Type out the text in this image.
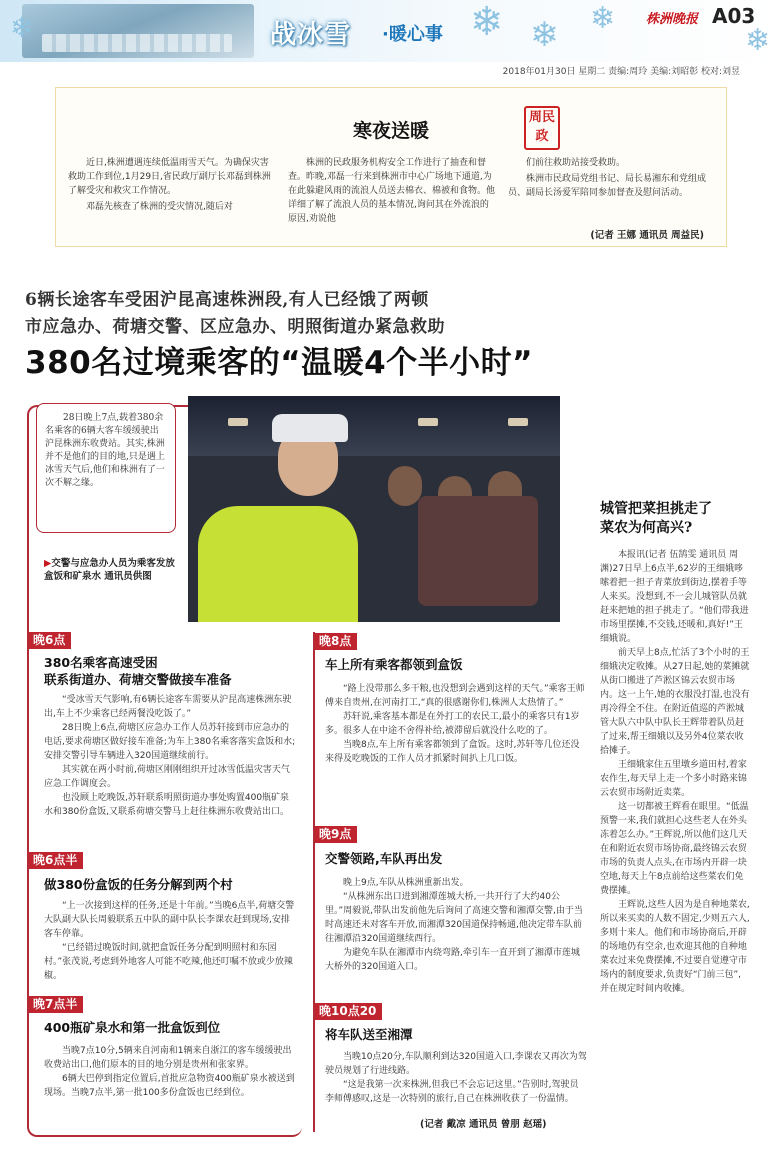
❄	❄ ❄ ❄
❄
战冰雪 ·暖心事
株洲晚报 A03
2018年01月30日 星期二 责编:周玲 美编:刘昭彰 校对:刘昱
寒夜送暖
周民政

近日,株洲遭遇连续低温雨雪天气。为确保灾害救助工作到位,1月29日,省民政厅副厅长邓磊到株洲了解受灾和救灾工作情况。

邓磊先核查了株洲的受灾情况,随后对

株洲的民政服务机构安全工作进行了抽查和督查。昨晚,邓磊一行来到株洲市中心广场地下通道,为在此躲避风雨的流浪人员送去棉衣、棉被和食物。他详细了解了流浪人员的基本情况,询问其在外流浪的原因,劝说他

们前往救助站接受救助。

株洲市民政局党组书记、局长易湘东和党组成员、副局长汤爱军陪同参加督查及慰问活动。

(记者 王娜 通讯员 周益民)
6辆长途客车受困沪昆高速株洲段,有人已经饿了两顿
市应急办、荷塘交警、区应急办、明照街道办紧急救助
380名过境乘客的“温暖4个半小时”
28日晚上7点,载着380余名乘客的6辆大客车缓缓驶出沪昆株洲东收费站。其实,株洲并不是他们的目的地,只是遇上冰雪天气后,他们和株洲有了一次不解之缘。
▶交警与应急办人员为乘客发放盒饭和矿泉水 通讯员供图
晚6点
380名乘客高速受困
联系街道办、荷塘交警做接车准备

“受冰雪天气影响,有6辆长途客车需要从沪昆高速株洲东驶出,车上不少乘客已经两餐没吃饭了。”

28日晚上6点,荷塘区应急办工作人员苏轩接到市应急办的电话,要求荷塘区做好接车准备;为车上380名乘客落实盒饭和水;安排交警引导车辆进入320国道继续前行。

其实就在两小时前,荷塘区刚刚组织开过冰雪低温灾害天气应急工作调度会。

也没顾上吃晚饭,苏轩联系明照街道办事处购置400瓶矿泉水和380份盒饭,又联系荷塘交警马上赶往株洲东收费站出口。

晚6点半
做380份盒饭的任务分解到两个村

“上一次接到这样的任务,还是十年前。”当晚6点半,荷塘交警大队副大队长周毅联系五中队的副中队长李课农赶到现场,安排客车停靠。

“已经错过晚饭时间,就把盒饭任务分配到明照村和东园村。”张茂说,考虑到外地客人可能不吃辣,他还叮嘱不放或少放辣椒。

晚7点半
400瓶矿泉水和第一批盒饭到位

当晚7点10分,5辆来自河南和1辆来自浙江的客车缓缓驶出收费站出口,他们原本的目的地分别是贵州和张家界。

6辆大巴停到指定位置后,首批应急物资400瓶矿泉水被送到现场。当晚7点半,第一批100多份盒饭也已经到位。

晚8点
车上所有乘客都领到盒饭

“路上没带那么多干粮,也没想到会遇到这样的天气。”乘客王师傅来自贵州,在河南打工,“真的很感谢你们,株洲人太热情了。”

苏轩说,乘客基本都是在外打工的农民工,最小的乘客只有1岁多。很多人在中途不舍得补给,被滞留后就没什么吃的了。

当晚8点,车上所有乘客都领到了盒饭。这时,苏轩等几位还没来得及吃晚饭的工作人员才抓紧时间扒上几口饭。

晚9点
交警领路,车队再出发

晚上9点,车队从株洲重新出发。

“从株洲东出口进到湘潭莲城大桥,一共开行了大约40公里。”周毅说,带队出发前他先后询问了高速交警和湘潭交警,由于当时高速还未对客车开放,而湘潭320国道保持畅通,他决定带车队前往湘潭沿320国道继续西行。

为避免车队在湘潭市内绕弯路,牵引车一直开到了湘潭市莲城大桥外的320国道入口。

晚10点20
将车队送至湘潭

当晚10点20分,车队顺利到达320国道入口,李课农又再次为驾驶员规划了行进线路。

“这是我第一次来株洲,但我已不会忘记这里。”告别时,驾驶员李师傅感叹,这是一次特别的旅行,自己在株洲收获了一份温情。

(记者 戴凉 通讯员 曾朋 赵瑶)
城管把菜担挑走了
菜农为何高兴?

本报讯(记者 伍鹄雯 通讯员 周渊)27日早上6点半,62岁的王细娥哆嗦着把一担子青菜放到街边,摆着手等人来买。没想到,不一会儿城管队员就赶来把她的担子挑走了。“他们带我进市场里摆摊,不交钱,还暖和,真好!”王细娥说。

前天早上8点,忙活了3个小时的王细娥决定收摊。从27日起,她的菜摊就从街口搬进了芦淞区锦云农贸市场内。这一上午,她的衣服没打湿,也没有再冷得全不住。在附近值巡的芦淞城管大队六中队中队长王辉带着队员赶了过来,帮王细娥以及另外4位菜农收拾摊子。

王细娥家住五里墩乡道田村,着家农作生,每天早上走一个多小时路来锦云农贸市场附近卖菜。

这一切都被王辉看在眼里。“低温预警一来,我们就担心这些老人在外头冻着怎么办。”王辉说,所以他们这几天在和附近农贸市场协商,最终锦云农贸市场的负责人点头,在市场内开辟一块空地,每天上午8点前给这些菜农们免费摆摊。

王辉说,这些人因为是自种地菜农,所以来买卖的人数不固定,少则五六人,多则十来人。他们和市场协商后,开辟的场地仍有空余,也欢迎其他的自种地菜农过来免费摆摊,不过要自觉遵守市场内的制度要求,负责好“门前三包”,并在规定时间内收摊。
